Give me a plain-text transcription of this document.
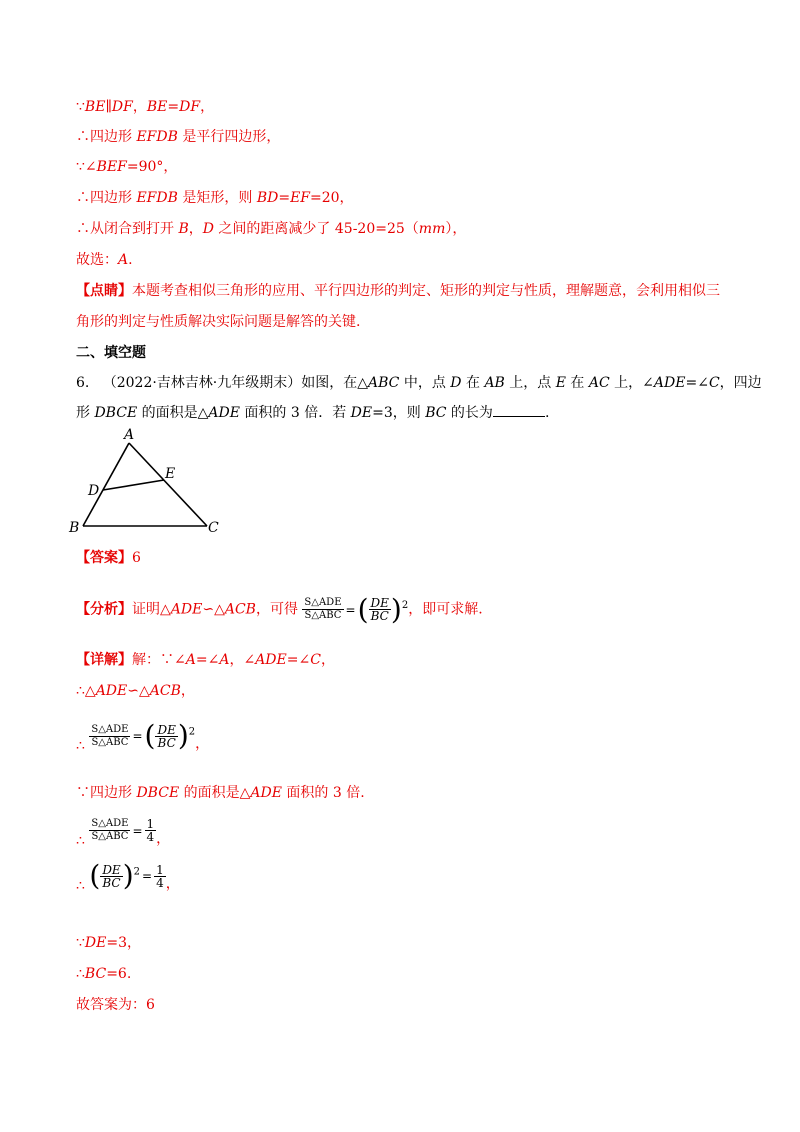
∵BE∥DF，BE=DF，
∴四边形 EFDB 是平行四边形，
∵∠BEF=90°，
∴四边形 EFDB 是矩形，则 BD=EF=20，
∴从闭合到打开 B，D 之间的距离减少了 45-20=25（mm），
故选：A.
【点睛】本题考查相似三角形的应用、平行四边形的判定、矩形的判定与性质，理解题意，会利用相似三
角形的判定与性质解决实际问题是解答的关键.
二、填空题
6. （2022·吉林吉林·九年级期末）如图，在△ABC 中，点 D 在 AB 上，点 E 在 AC 上，∠ADE=∠C，四边
形 DBCE 的面积是△ADE 面积的 3 倍．若 DE=3，则 BC 的长为	.
A
B	C
D
E
【答案】6
【分析】证明△ADE∽△ACB，可得 $\frac{\text{S△ADE}}{\text{S△ABC}}$ =( $\frac{DE}{BC} )^2$，即可求解.
【详解】解：∵∠A=∠A，∠ADE=∠C，
∴△ADE∽△ACB，
∴ $\frac{\text{S△ADE}}{\text{S△ABC}}$ =( $\frac{DE}{BC} )^2$，
∵四边形 DBCE 的面积是△ADE 面积的 3 倍.
∴ $\frac{\text{S△ADE}}{\text{S△ABC}} = \frac{1}{4}$ ，
∴ ( $\frac{DE}{BC} )^2 = \frac{1}{4}$ ，
∵DE=3，
∴BC=6.
故答案为：6
